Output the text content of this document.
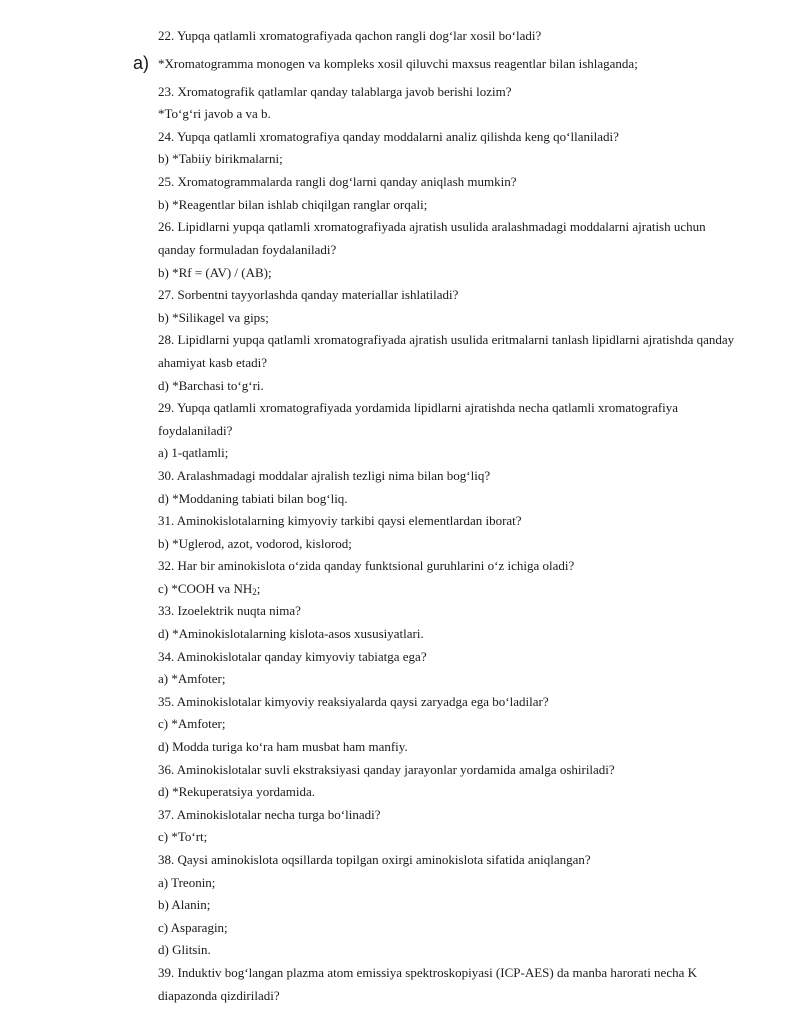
a)
22. Yupqa qatlamli xromatografiyada qachon rangli dog‘lar xosil bo‘ladi?
*Xromatogramma monogen va kompleks xosil qiluvchi maxsus reagentlar bilan ishlaganda;
23. Xromatografik qatlamlar qanday talablarga javob berishi lozim?
*To‘g‘ri javob a va b.
24. Yupqa qatlamli xromatografiya qanday moddalarni analiz qilishda keng qo‘llaniladi?
b) *Tabiiy birikmalarni;
25. Xromatogrammalarda rangli dog‘larni qanday aniqlash mumkin?
b) *Reagentlar bilan ishlab chiqilgan ranglar orqali;
26. Lipidlarni yupqa qatlamli xromatografiyada ajratish usulida aralashmadagi moddalarni ajratish uchun
qanday formuladan foydalaniladi?
b) *Rf = (AV) / (AB);
27. Sorbentni tayyorlashda qanday materiallar ishlatiladi?
b) *Silikagel va gips;
28. Lipidlarni yupqa qatlamli xromatografiyada ajratish usulida eritmalarni tanlash lipidlarni ajratishda qanday
ahamiyat kasb etadi?
d) *Barchasi to‘g‘ri.
29. Yupqa qatlamli xromatografiyada yordamida lipidlarni ajratishda necha qatlamli xromatografiya
foydalaniladi?
a) 1-qatlamli;
30. Aralashmadagi moddalar ajralish tezligi nima bilan bog‘liq?
d) *Moddaning tabiati bilan bog‘liq.
31. Aminokislotalarning kimyoviy tarkibi qaysi elementlardan iborat?
b) *Uglerod, azot, vodorod, kislorod;
32. Har bir aminokislota o‘zida qanday funktsional guruhlarini o‘z ichiga oladi?
c) *COOH va $NH_2$;
33. Izoelektrik nuqta nima?
d) *Aminokislotalarning kislota-asos xususiyatlari.
34. Aminokislotalar qanday kimyoviy tabiatga ega?
a) *Amfoter;
35. Aminokislotalar kimyoviy reaksiyalarda qaysi zaryadga ega bo‘ladilar?
c) *Amfoter;
d) Modda turiga ko‘ra ham musbat ham manfiy.
36. Aminokislotalar suvli ekstraksiyasi qanday jarayonlar yordamida amalga oshiriladi?
d) *Rekuperatsiya yordamida.
37. Aminokislotalar necha turga bo‘linadi?
c) *To‘rt;
38. Qaysi aminokislota oqsillarda topilgan oxirgi aminokislota sifatida aniqlangan?
a) Treonin;
b) Alanin;
c) Asparagin;
d) Glitsin.
39. Induktiv bog‘langan plazma atom emissiya spektroskopiyasi (ICP-AES) da manba harorati necha K
diapazonda qizdiriladi?
